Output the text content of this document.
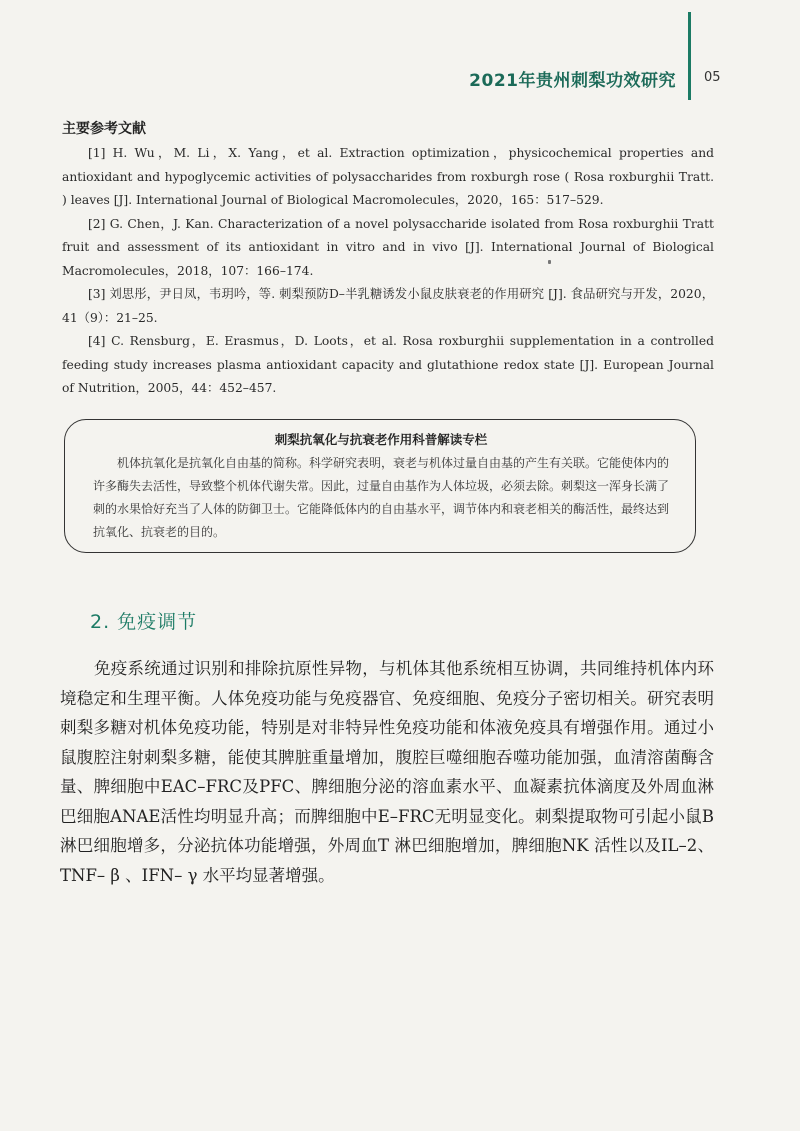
2021年贵州刺梨功效研究 05
主要参考文献

[1] H. Wu，M. Li，X. Yang，et al. Extraction optimization，physicochemical properties and antioxidant and hypoglycemic activities of polysaccharides from roxburgh rose ( Rosa roxburghii Tratt. ) leaves [J]. International Journal of Biological Macromolecules，2020，165：517–529.

[2] G. Chen，J. Kan. Characterization of a novel polysaccharide isolated from Rosa roxburghii Tratt fruit and assessment of its antioxidant in vitro and in vivo [J]. International Journal of Biological Macromolecules，2018，107：166–174.

[3] 刘思彤，尹日凤，韦玥吟，等. 刺梨预防D–半乳糖诱发小鼠皮肤衰老的作用研究 [J]. 食品研究与开发，2020，41（9）：21–25.

[4] C. Rensburg，E. Erasmus，D. Loots，et al. Rosa roxburghii supplementation in a controlled feeding study increases plasma antioxidant capacity and glutathione redox state [J]. European Journal of Nutrition，2005，44：452–457.

刺梨抗氧化与抗衰老作用科普解读专栏

机体抗氧化是抗氧化自由基的简称。科学研究表明，衰老与机体过量自由基的产生有关联。它能使体内的许多酶失去活性，导致整个机体代谢失常。因此，过量自由基作为人体垃圾，必须去除。刺梨这一浑身长满了刺的水果恰好充当了人体的防御卫士。它能降低体内的自由基水平，调节体内和衰老相关的酶活性，最终达到抗氧化、抗衰老的目的。

2. 免疫调节

免疫系统通过识别和排除抗原性异物，与机体其他系统相互协调，共同维持机体内环境稳定和生理平衡。人体免疫功能与免疫器官、免疫细胞、免疫分子密切相关。研究表明刺梨多糖对机体免疫功能，特别是对非特异性免疫功能和体液免疫具有增强作用。通过小鼠腹腔注射刺梨多糖，能使其脾脏重量增加，腹腔巨噬细胞吞噬功能加强，血清溶菌酶含量、脾细胞中EAC–FRC及PFC、脾细胞分泌的溶血素水平、血凝素抗体滴度及外周血淋巴细胞ANAE活性均明显升高；而脾细胞中E–FRC无明显变化。刺梨提取物可引起小鼠B淋巴细胞增多，分泌抗体功能增强，外周血T 淋巴细胞增加，脾细胞NK 活性以及IL–2、TNF– β 、IFN– γ 水平均显著增强。
